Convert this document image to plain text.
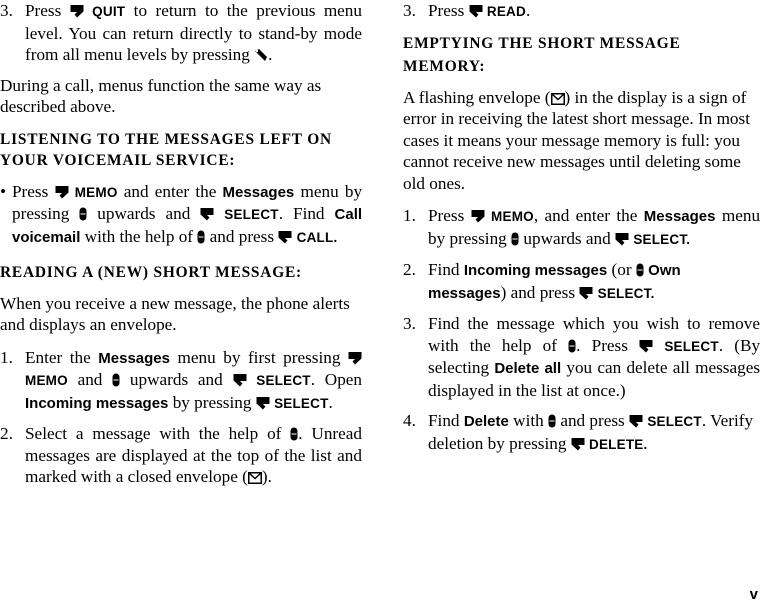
3. Press QUIT to return to the previous menu level. You can return directly to stand-by mode from all menu levels by pressing .

During a call, menus function the same way as described above.

LISTENING TO THE MESSAGES LEFT ON YOUR VOICEMAIL SERVICE:
• Press MEMO and enter the Messages menu by pressing upwards and	SELECT. Find Call voicemail with the help of and press CALL.
READING A (NEW) SHORT MESSAGE:

When you receive a new message, the phone alerts and displays an envelope.

1. Enter the Messages menu by first pressing  MEMO and upwards and SELECT. Open Incoming messages by pressing SELECT.
2. Select a message with the help of . Unread messages are displayed at the top of the list and marked with a closed envelope ( ).
3. Press READ.
EMPTYING THE SHORT MESSAGE MEMORY:

A flashing envelope ( ) in the display is a sign of error in receiving the latest short message. In most cases it means your message memory is full: you cannot receive new messages until deleting some old ones.

1. Press MEMO, and enter the Messages menu by pressing upwards and SELECT.
2. Find Incoming messages (or Own messages) and press SELECT.
3. Find the message which you wish to remove with the help of . Press	SELECT. (By selecting Delete all you can delete all messages displayed in the list at once.)
4. Find Delete with and press SELECT. Verify deletion by pressing DELETE.
v
